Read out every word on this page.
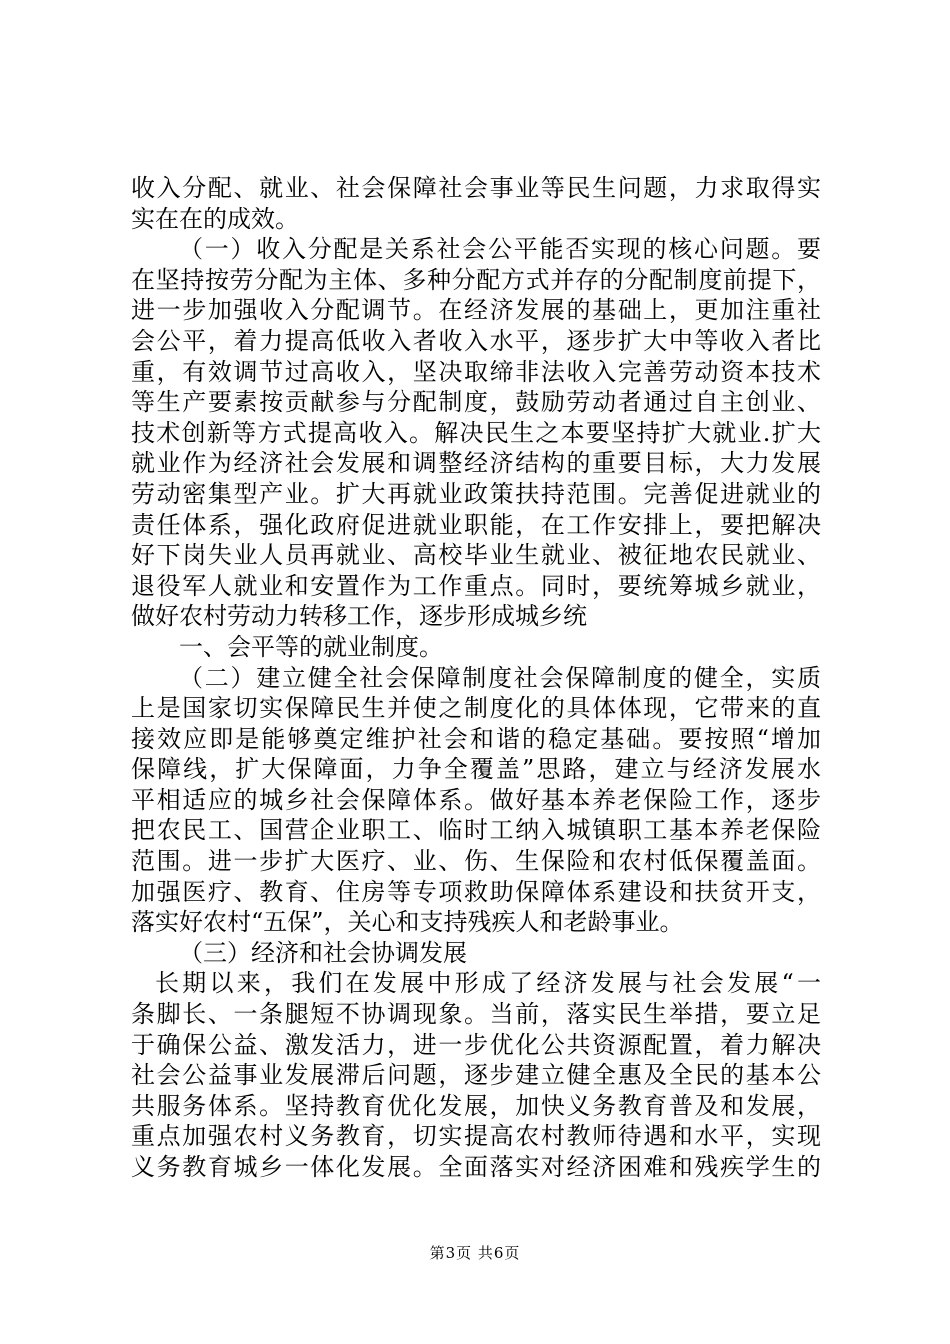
收入分配、就业、社会保障社会事业等民生问题，力求取得实
实在在的成效。
（一）收入分配是关系社会公平能否实现的核心问题。要
在坚持按劳分配为主体、多种分配方式并存的分配制度前提下，
进一步加强收入分配调节。在经济发展的基础上，更加注重社
会公平，着力提高低收入者收入水平，逐步扩大中等收入者比
重，有效调节过高收入，坚决取缔非法收入完善劳动资本技术
等生产要素按贡献参与分配制度，鼓励劳动者通过自主创业、
技术创新等方式提高收入。解决民生之本要坚持扩大就业.扩大
就业作为经济社会发展和调整经济结构的重要目标，大力发展
劳动密集型产业。扩大再就业政策扶持范围。完善促进就业的
责任体系，强化政府促进就业职能，在工作安排上，要把解决
好下岗失业人员再就业、高校毕业生就业、被征地农民就业、
退役军人就业和安置作为工作重点。同时，要统筹城乡就业，
做好农村劳动力转移工作，逐步形成城乡统
一、会平等的就业制度。
（二）建立健全社会保障制度社会保障制度的健全，实质
上是国家切实保障民生并使之制度化的具体体现，它带来的直
接效应即是能够奠定维护社会和谐的稳定基础。要按照“增加
保障线，扩大保障面，力争全覆盖”思路，建立与经济发展水
平相适应的城乡社会保障体系。做好基本养老保险工作，逐步
把农民工、国营企业职工、临时工纳入城镇职工基本养老保险
范围。进一步扩大医疗、业、伤、生保险和农村低保覆盖面。
加强医疗、教育、住房等专项救助保障体系建设和扶贫开支，
落实好农村“五保”，关心和支持残疾人和老龄事业。
（三）经济和社会协调发展
长期以来，我们在发展中形成了经济发展与社会发展“一
条脚长、一条腿短不协调现象。当前，落实民生举措，要立足
于确保公益、激发活力，进一步优化公共资源配置，着力解决
社会公益事业发展滞后问题，逐步建立健全惠及全民的基本公
共服务体系。坚持教育优化发展，加快义务教育普及和发展，
重点加强农村义务教育，切实提高农村教师待遇和水平，实现
义务教育城乡一体化发展。全面落实对经济困难和残疾学生的
第3页 共6页
